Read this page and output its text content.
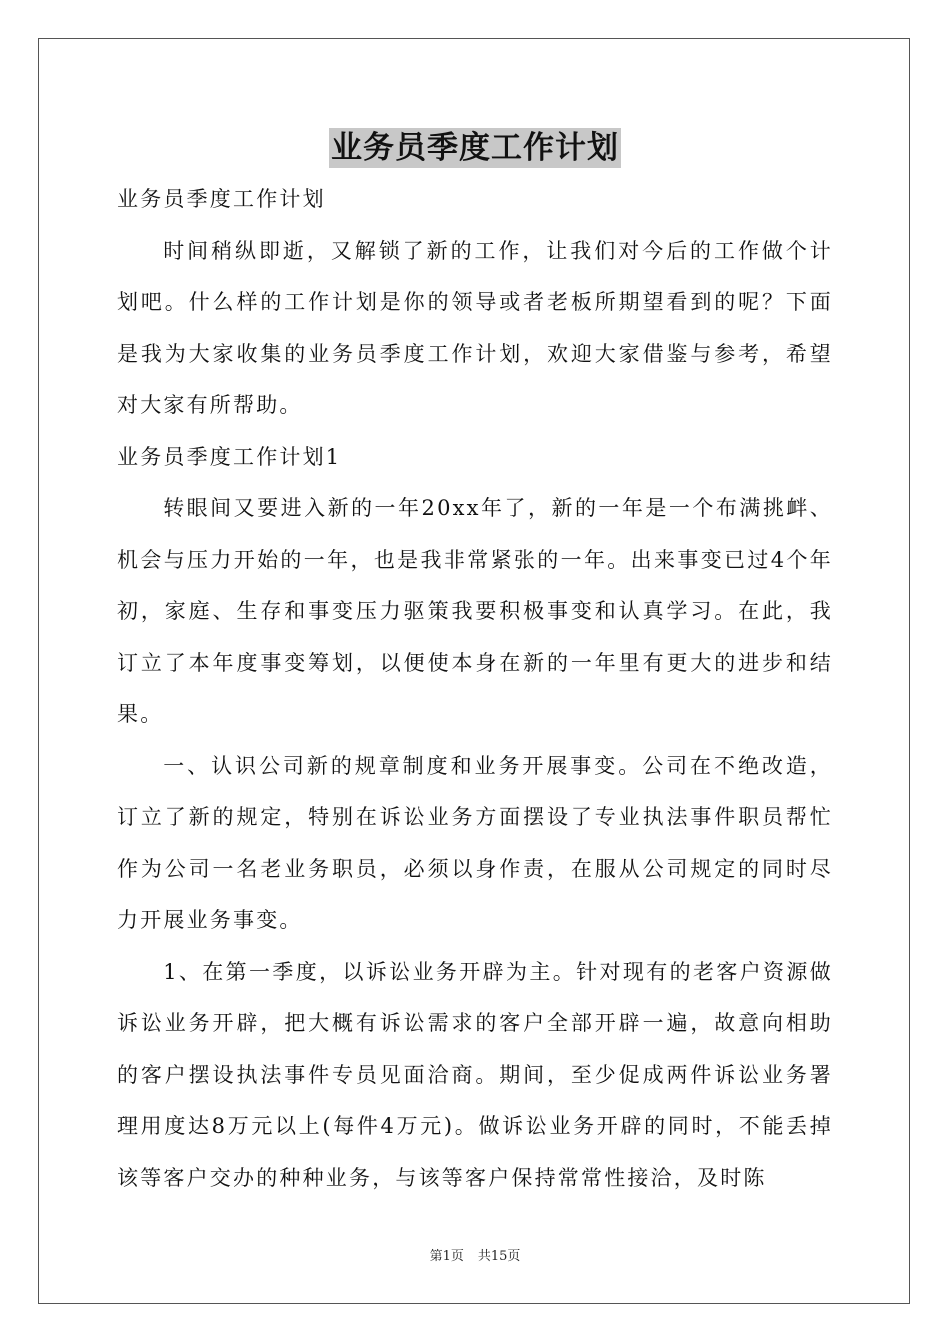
业务员季度工作计划

业务员季度工作计划

时间稍纵即逝，又解锁了新的工作，让我们对今后的工作做个计划吧。什么样的工作计划是你的领导或者老板所期望看到的呢？下面是我为大家收集的业务员季度工作计划，欢迎大家借鉴与参考，希望对大家有所帮助。

业务员季度工作计划1

转眼间又要进入新的一年20xx年了，新的一年是一个布满挑衅、机会与压力开始的一年，也是我非常紧张的一年。出来事变已过4个年初，家庭、生存和事变压力驱策我要积极事变和认真学习。在此，我订立了本年度事变筹划，以便使本身在新的一年里有更大的进步和结果。

一、认识公司新的规章制度和业务开展事变。公司在不绝改造，订立了新的规定，特别在诉讼业务方面摆设了专业执法事件职员帮忙作为公司一名老业务职员，必须以身作责，在服从公司规定的同时尽力开展业务事变。

1、在第一季度，以诉讼业务开辟为主。针对现有的老客户资源做诉讼业务开辟，把大概有诉讼需求的客户全部开辟一遍，故意向相助的客户摆设执法事件专员见面洽商。期间，至少促成两件诉讼业务署理用度达8万元以上(每件4万元)。做诉讼业务开辟的同时，不能丢掉该等客户交办的种种业务，与该等客户保持常常性接洽，及时陈

第1页 共15页
